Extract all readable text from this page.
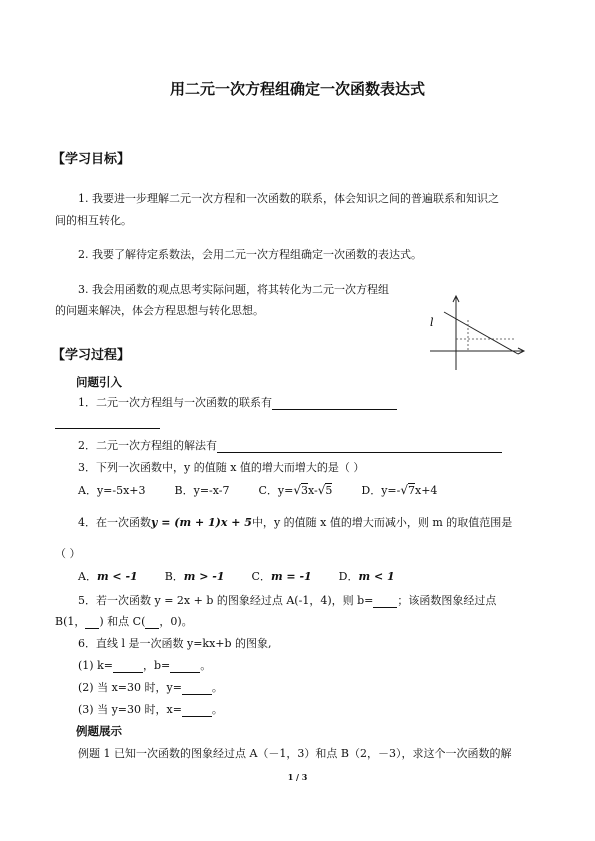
用二元一次方程组确定一次函数表达式
【学习目标】
1. 我要进一步理解二元一次方程和一次函数的联系，体会知识之间的普遍联系和知识之
间的相互转化。
2. 我要了解待定系数法，会用二元一次方程组确定一次函数的表达式。
3. 我会用函数的观点思考实际问题，将其转化为二元一次方程组
的问题来解决，体会方程思想与转化思想。
l
【学习过程】
问题引入
1．二元一次方程组与一次函数的联系有
2．二元一次方程组的解法有
3．下列一次函数中，y 的值随 x 值的增大而增大的是（ ）
A．y=-5x+3	B．y=-x-7	C．y=√3x-√5	D．y=-√7x+4
4．在一次函数y = (m + 1)x + 5中，y 的值随 x 值的增大而减小，则 m 的取值范围是
（ ）
A．m < -1 B．m > -1 C．m = -1 D．m < 1
5．若一次函数 y = 2x + b 的图象经过点 A(-1，4)，则 b= ；该函数图象经过点
B(1， ) 和点 C( ，0)。
6．直线 l 是一次函数 y=kx+b 的图象,
(1) k=	，b=	。
(2) 当 x=30 时，y=	。
(3) 当 y=30 时，x=	。
例题展示
例题 1 已知一次函数的图象经过点 A（－1，3）和点 B（2，－3），求这个一次函数的解
1 / 3
